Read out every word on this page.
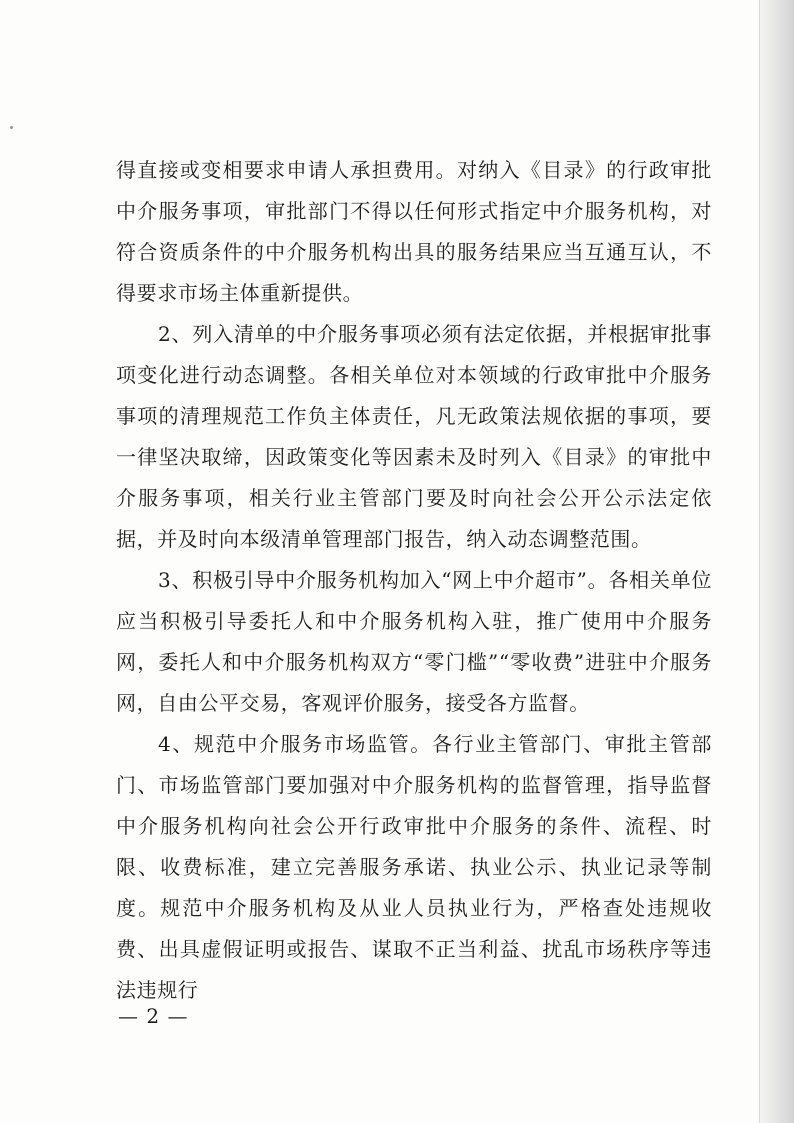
得直接或变相要求申请人承担费用。对纳入《目录》的行政审批中介服务事项，审批部门不得以任何形式指定中介服务机构，对符合资质条件的中介服务机构出具的服务结果应当互通互认，不得要求市场主体重新提供。

2、列入清单的中介服务事项必须有法定依据，并根据审批事项变化进行动态调整。各相关单位对本领域的行政审批中介服务事项的清理规范工作负主体责任，凡无政策法规依据的事项，要一律坚决取缔，因政策变化等因素未及时列入《目录》的审批中介服务事项，相关行业主管部门要及时向社会公开公示法定依据，并及时向本级清单管理部门报告，纳入动态调整范围。

3、积极引导中介服务机构加入“网上中介超市”。各相关单位应当积极引导委托人和中介服务机构入驻，推广使用中介服务网，委托人和中介服务机构双方“零门槛”“零收费”进驻中介服务网，自由公平交易，客观评价服务，接受各方监督。

4、规范中介服务市场监管。各行业主管部门、审批主管部门、市场监管部门要加强对中介服务机构的监督管理，指导监督中介服务机构向社会公开行政审批中介服务的条件、流程、时限、收费标准，建立完善服务承诺、执业公示、执业记录等制度。规范中介服务机构及从业人员执业行为，严格查处违规收费、出具虚假证明或报告、谋取不正当利益、扰乱市场秩序等违法违规行

— 2 —
